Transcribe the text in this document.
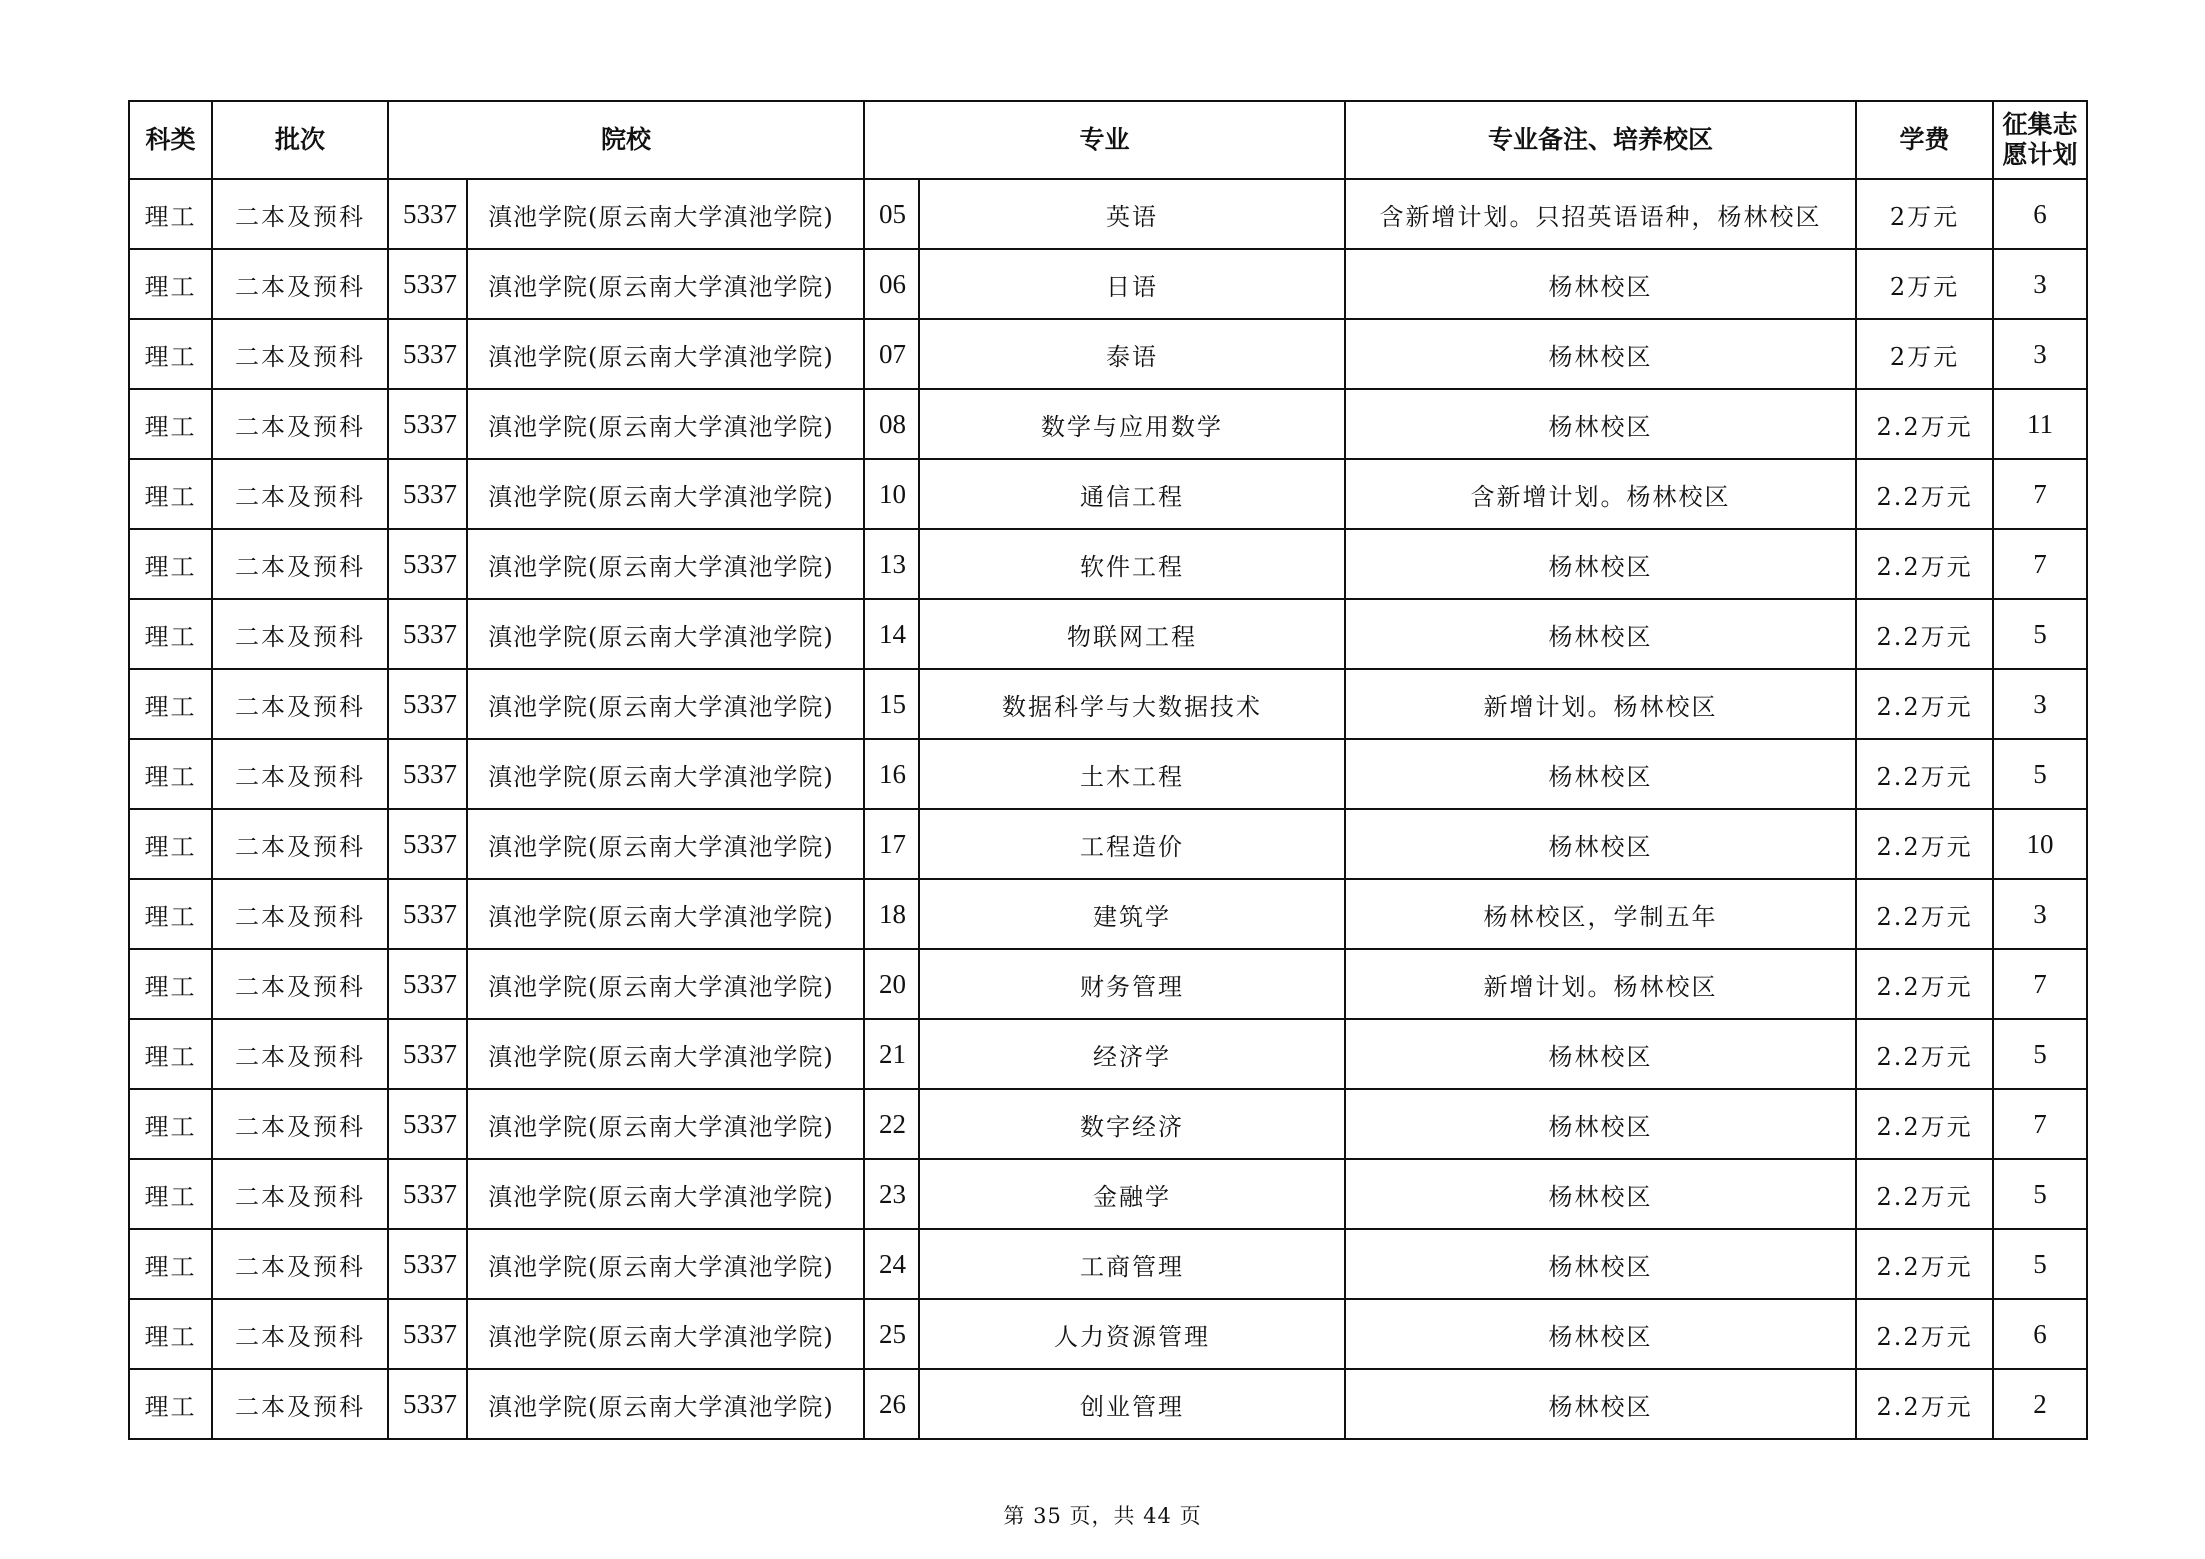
科类	批次	院校		专业		专业备注、培养校区	学费	征集志愿计划
理工	二本及预科	5337	滇池学院(原云南大学滇池学院)	05	英语	含新增计划。只招英语语种，杨林校区	2万元	6
理工	二本及预科	5337	滇池学院(原云南大学滇池学院)	06	日语	杨林校区	2万元	3
理工	二本及预科	5337	滇池学院(原云南大学滇池学院)	07	泰语	杨林校区	2万元	3
理工	二本及预科	5337	滇池学院(原云南大学滇池学院)	08	数学与应用数学	杨林校区	2.2万元	11
理工	二本及预科	5337	滇池学院(原云南大学滇池学院)	10	通信工程	含新增计划。杨林校区	2.2万元	7
理工	二本及预科	5337	滇池学院(原云南大学滇池学院)	13	软件工程	杨林校区	2.2万元	7
理工	二本及预科	5337	滇池学院(原云南大学滇池学院)	14	物联网工程	杨林校区	2.2万元	5
理工	二本及预科	5337	滇池学院(原云南大学滇池学院)	15	数据科学与大数据技术	新增计划。杨林校区	2.2万元	3
理工	二本及预科	5337	滇池学院(原云南大学滇池学院)	16	土木工程	杨林校区	2.2万元	5
理工	二本及预科	5337	滇池学院(原云南大学滇池学院)	17	工程造价	杨林校区	2.2万元	10
理工	二本及预科	5337	滇池学院(原云南大学滇池学院)	18	建筑学	杨林校区，学制五年	2.2万元	3
理工	二本及预科	5337	滇池学院(原云南大学滇池学院)	20	财务管理	新增计划。杨林校区	2.2万元	7
理工	二本及预科	5337	滇池学院(原云南大学滇池学院)	21	经济学	杨林校区	2.2万元	5
理工	二本及预科	5337	滇池学院(原云南大学滇池学院)	22	数字经济	杨林校区	2.2万元	7
理工	二本及预科	5337	滇池学院(原云南大学滇池学院)	23	金融学	杨林校区	2.2万元	5
理工	二本及预科	5337	滇池学院(原云南大学滇池学院)	24	工商管理	杨林校区	2.2万元	5
理工	二本及预科	5337	滇池学院(原云南大学滇池学院)	25	人力资源管理	杨林校区	2.2万元	6
理工	二本及预科	5337	滇池学院(原云南大学滇池学院)	26	创业管理	杨林校区	2.2万元	2
第 35 页，共 44 页
